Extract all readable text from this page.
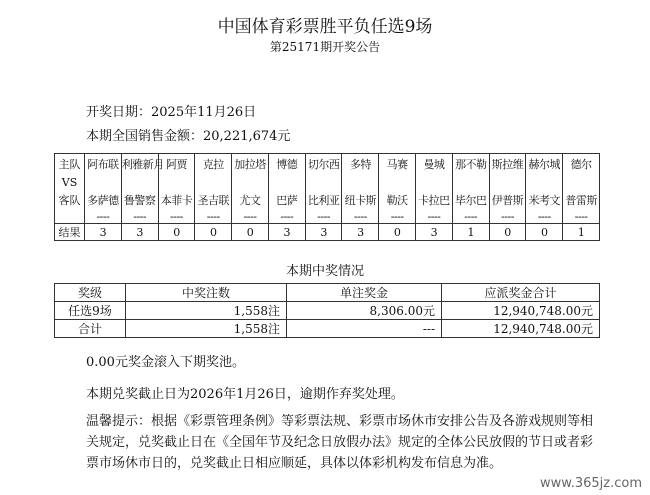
中国体育彩票胜平负任选9场
第25171期开奖公告
开奖日期：2025年11月26日
本期全国销售金额：20,221,674元
主队	阿布联	利雅新月	阿贾	克拉	加拉塔	博德	切尔西	多特	马赛	曼城	那不勒	斯拉维	赫尔城	德尔

VS														
客队	多萨德	鲁警察	本菲卡	圣吉联	尤文	巴萨	比利亚	纽卡斯	勒沃	卡拉巴	毕尔巴	伊普斯	米考文	普雷斯

	----	----	----	----	----	----	----	----	----	----	----	----	----	----

结果	3	3	0	0	0	3	3	3	0	3	1	0	0	1
本期中奖情况
奖级	中奖注数	单注奖金	应派奖金合计
任选9场	1,558注	8,306.00元	12,940,748.00元
合计	1,558注	---	12,940,748.00元
0.00元奖金滚入下期奖池。
本期兑奖截止日为2026年1月26日，逾期作弃奖处理。
温馨提示：根据《彩票管理条例》等彩票法规、彩票市场休市安排公告及各游戏规则等相关规定，兑奖截止日在《全国年节及纪念日放假办法》规定的全体公民放假的节日或者彩票市场休市日的，兑奖截止日相应顺延，具体以体彩机构发布信息为准。
www.365jz.com
